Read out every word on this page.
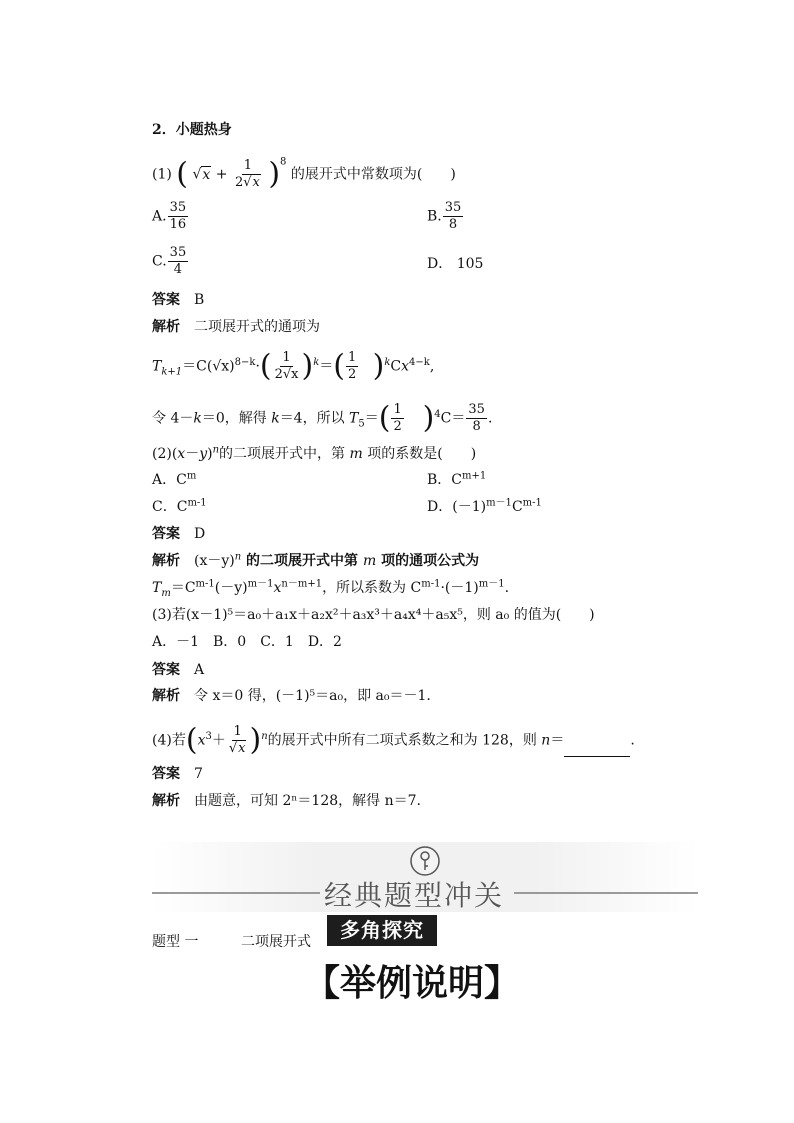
2．小题热身
(1) ( $√x + \frac{1}{2√x} )^8$ 的展开式中常数项为(　　)
A. $\frac{35}{16}$	B. $\frac{35}{8}$
C. $\frac{35}{4}$	D． 105
答案 B
解析 二项展开式的通项为
$T_{k+1}=C(√x)^{8-k}\cdot( \frac{1}{2√x} )^k=( \frac{1}{2} )^kCx^{4-k}$,
令 4－k＝0，解得 k＝4，所以 $T_5=( \frac{1}{2} )^4C= \frac{35}{8}$ .
$(2)(x-y)^n$的二项展开式中，第 m 项的系数是(　　)
A．$C^m$	B．$C^{m+1}$
C．$C^{m-1}$	D．$(-1)^{m-1}C^{m-1}$
答案 D
解析 $(x-y)^n$ 的二项展开式中第 m 项的通项公式为
$T_m=C^{m-1}(-y)^{m-1}x^{n-m+1}$，所以系数为 $C^{m-1}\cdot(-1)^{m-1}$.
(3)若(x－1)⁵＝a₀＋a₁x＋a₂x²＋a₃x³＋a₄x⁴＋a₅x⁵，则 a₀ 的值为(　　)
A．－1　B．0　C．1　D．2
答案 A
解析 令 x＝0 得，(－1)⁵＝a₀，即 a₀＝－1.
(4)若$(x^3+ \frac{1}{√x} )^n$的展开式中所有二项式系数之和为 128，则 n＝	.
答案 7
解析 由题意，可知 2ⁿ＝128，解得 n＝7.
经典题型冲关
题型 一	二项展开式	多角探究
【举例说明】
